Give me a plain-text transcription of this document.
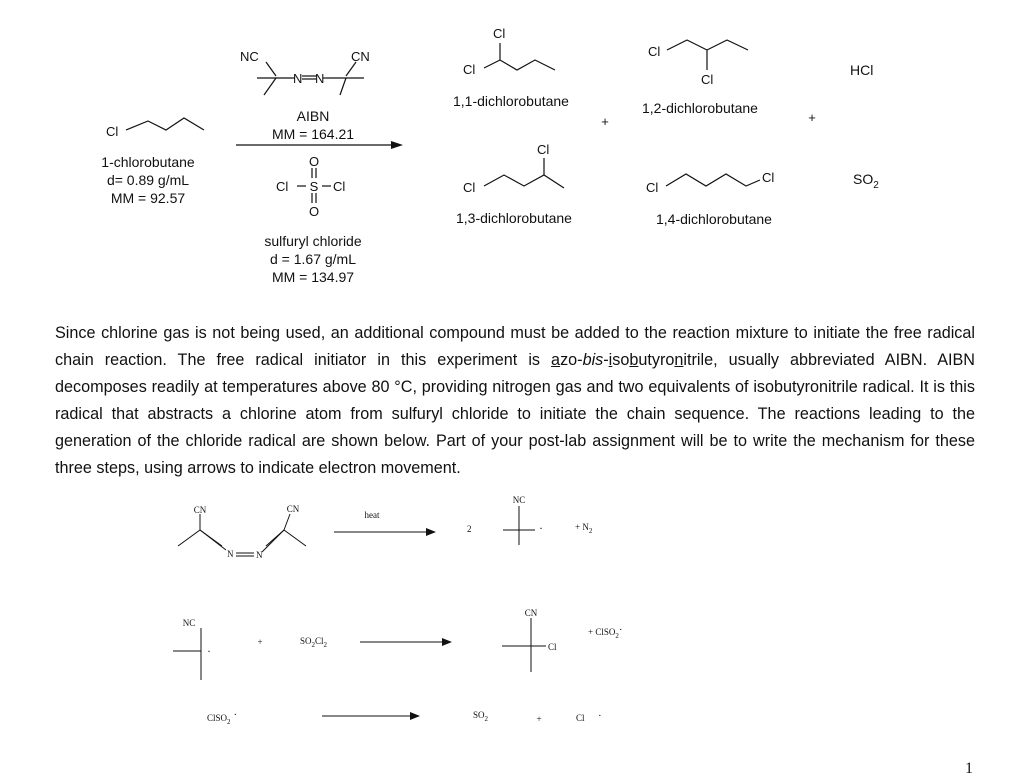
Cl
1-chlorobutane
d= 0.89 g/mL
MM = 92.57
NC	CN
N N
AIBN
MM = 164.21
O
Cl S Cl
O
sulfuryl chloride
d = 1.67 g/mL
MM = 134.97
Cl
Cl
1,1-dichlorobutane
Cl
Cl
1,2-dichlorobutane
+	+
HCl
Cl
Cl
1,3-dichlorobutane
Cl
Cl
1,4-dichlorobutane
$SO_2$
CN	CN
N	N
heat
2
NC
·	+ $N_2$
NC
·
+	$SO_2Cl_2$
CN
Cl
+ ClSO$_2$·
ClSO$_2$·	$SO_2$	+	Cl ·
Since chlorine gas is not being used, an additional compound must be added to the reaction mixture to initiate the free radical chain reaction. The free radical initiator in this experiment is azo-bis-isobutyronitrile, usually abbreviated AIBN. AIBN decomposes readily at temperatures above 80 °C, providing nitrogen gas and two equivalents of isobutyronitrile radical. It is this radical that abstracts a chlorine atom from sulfuryl chloride to initiate the chain sequence. The reactions leading to the generation of the chloride radical are shown below. Part of your post-lab assignment will be to write the mechanism for these three steps, using arrows to indicate electron movement.
1
